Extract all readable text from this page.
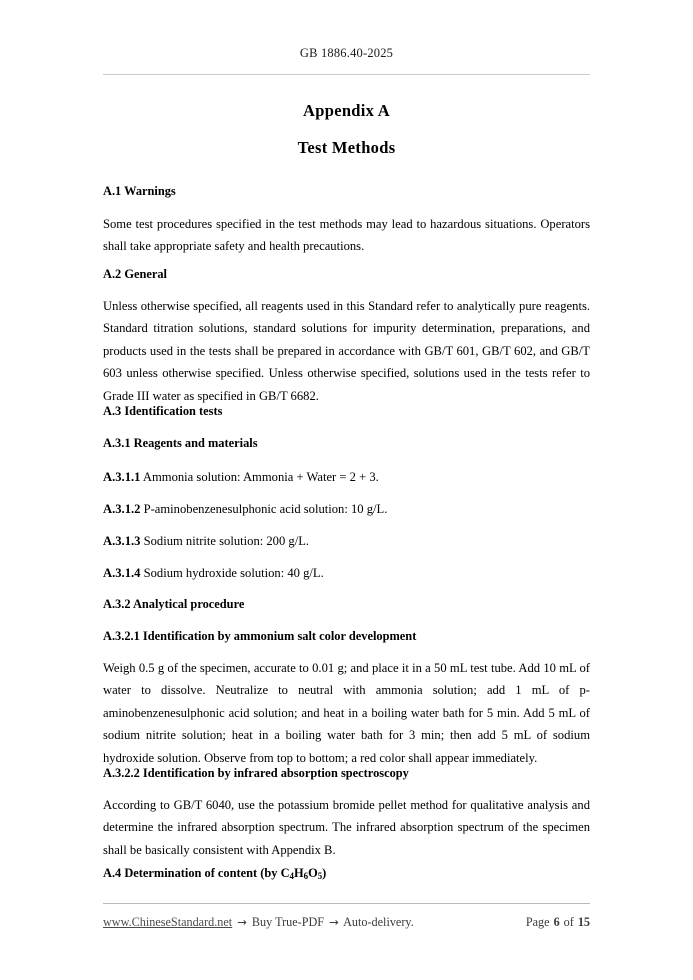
GB 1886.40-2025
Appendix A
Test Methods
A.1 Warnings
Some test procedures specified in the test methods may lead to hazardous situations. Operators shall take appropriate safety and health precautions.
A.2 General
Unless otherwise specified, all reagents used in this Standard refer to analytically pure reagents. Standard titration solutions, standard solutions for impurity determination, preparations, and products used in the tests shall be prepared in accordance with GB/T 601, GB/T 602, and GB/T 603 unless otherwise specified. Unless otherwise specified, solutions used in the tests refer to Grade III water as specified in GB/T 6682.
A.3 Identification tests
A.3.1 Reagents and materials
A.3.1.1 Ammonia solution: Ammonia + Water = 2 + 3.
A.3.1.2 P-aminobenzenesulphonic acid solution: 10 g/L.
A.3.1.3 Sodium nitrite solution: 200 g/L.
A.3.1.4 Sodium hydroxide solution: 40 g/L.
A.3.2 Analytical procedure
A.3.2.1 Identification by ammonium salt color development
Weigh 0.5 g of the specimen, accurate to 0.01 g; and place it in a 50 mL test tube. Add 10 mL of water to dissolve. Neutralize to neutral with ammonia solution; add 1 mL of p-aminobenzenesulphonic acid solution; and heat in a boiling water bath for 5 min. Add 5 mL of sodium nitrite solution; heat in a boiling water bath for 3 min; then add 5 mL of sodium hydroxide solution. Observe from top to bottom; a red color shall appear immediately.
A.3.2.2 Identification by infrared absorption spectroscopy
According to GB/T 6040, use the potassium bromide pellet method for qualitative analysis and determine the infrared absorption spectrum. The infrared absorption spectrum of the specimen shall be basically consistent with Appendix B.
A.4 Determination of content (by $C_4H_6O_5$)
www.ChineseStandard.net → Buy True-PDF → Auto-delivery.	Page 6 of 15
